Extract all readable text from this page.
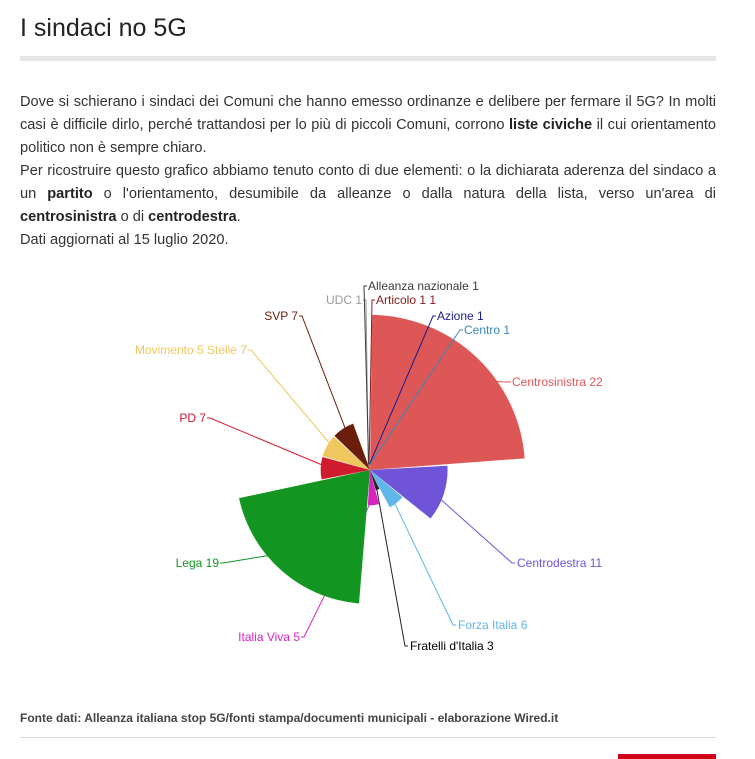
I sindaci no 5G

Dove si schierano i sindaci dei Comuni che hanno emesso ordinanze e delibere per fermare il 5G? In molti casi è difficile dirlo, perché trattandosi per lo più di piccoli Comuni, corrono liste civiche il cui orientamento politico non è sempre chiaro.

Per ricostruire questo grafico abbiamo tenuto conto di due elementi: o la dichiarata aderenza del sindaco a un partito o l'orientamento, desumibile da alleanze o dalla natura della lista, verso un'area di centrosinistra o di centrodestra.

Dati aggiornati al 15 luglio 2020.

Centrosinistra 22
Centrodestra 11
Forza Italia 6
Fratelli d'Italia 3
Italia Viva 5
Lega 19
PD 7
Movimento 5 Stelle 7
SVP 7
UDC 1
Alleanza nazionale 1
Articolo 1 1
Azione 1
Centro 1
Fonte dati: Alleanza italiana stop 5G/fonti stampa/documenti municipali - elaborazione Wired.it
